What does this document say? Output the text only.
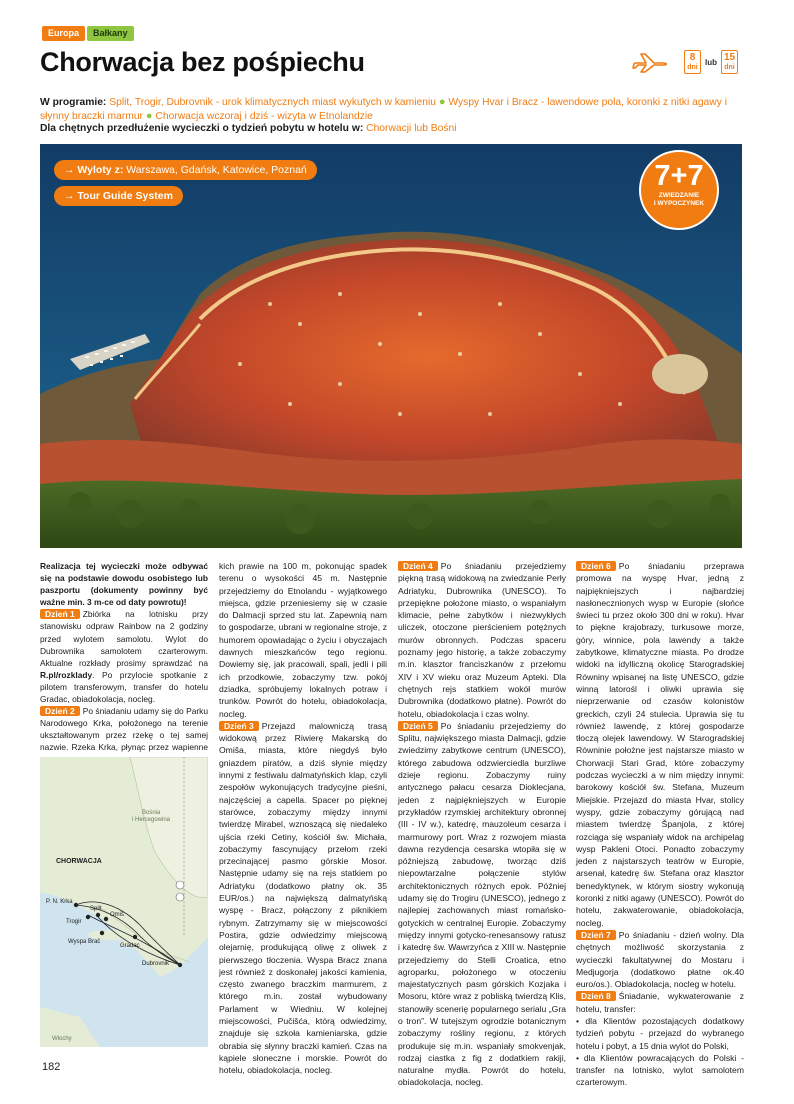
Europa	Bałkany
Chorwacja bez pośpiechu	8
dni
lub 15
dni
W programie: Split, Trogir, Dubrovnik - urok klimatycznych miast wykutych w kamieniu ● Wyspy Hvar i Bracz - lawendowe pola, koronki z nitki agawy i słynny braczki marmur ● Chorwacja wczoraj i dziś - wizyta w Etnolandzie
Dla chętnych przedłużenie wycieczki o tydzień pobytu w hotelu w: Chorwacji lub Bośni
→ Wyloty z: Warszawa, Gdańsk, Katowice, Poznań
→ Tour Guide System
7+7
ZWIEDZANIE
I WYPOCZYNEK

Realizacja tej wycieczki może odbywać się na podstawie dowodu osobistego lub paszportu (dokumenty powinny być ważne min. 3 m-ce od daty powrotu)!

Dzień 1 Zbiórka na lotnisku przy stanowisku odpraw Rainbow na 2 godziny przed wylotem samolotu. Wylot do Dubrownika samolotem czarterowym. Aktualne rozkłady prosimy sprawdzać na R.pl/rozklady. Po przylocie spotkanie z pilotem transferowym, transfer do hotelu Gradac, obiadokolacja, nocleg.

Dzień 2 Po śniadaniu udamy się do Parku Narodowego Krka, położonego na terenie ukształtowanym przez rzekę o tej samej nazwie. Rzeka Krka, płynąc przez wapienne

Bośnia
i Hercegowina
CHORWACJA
P. N. Krka
Trogir
Split
Omiš
Wyspa Brač
Gradac
Dubrovnik
Włochy

kich prawie na 100 m, pokonując spadek terenu o wysokości 45 m. Następnie przejedziemy do Etnolandu - wyjątkowego miejsca, gdzie przeniesiemy się w czasie do Dalmacji sprzed stu lat. Zapewnią nam to gospodarze, ubrani w regionalne stroje, z humorem opowiadając o życiu i obyczajach dawnych mieszkańców tego regionu. Dowiemy się, jak pracowali, spali, jedli i pili ich przodkowie, zobaczymy tzw. pokój dziadka, spróbujemy lokalnych potraw i trunków. Powrót do hotelu, obiadokolacja, nocleg.

Dzień 3 Przejazd malowniczą trasą widokową przez Riwierę Makarską do Omiša, miasta, które niegdyś było gniazdem piratów, a dziś słynie między innymi z festiwalu dalmatyńskich klap, czyli zespołów wykonujących tradycyjne pieśni, najczęściej a capella. Spacer po pięknej starówce, zobaczymy między innymi twierdzę Mirabel, wznoszącą się niedaleko ujścia rzeki Cetiny, kościół św. Michała, zobaczymy fascynujący przełom rzeki przecinającej pasmo górskie Mosor. Następnie udamy się na rejs statkiem po Adriatyku (dodatkowo płatny ok. 35 EUR/os.) na największą dalmatyńską wyspę - Bracz, połączony z piknikiem rybnym. Zatrzymamy się w miejscowości Postira, gdzie odwiedzimy miejscową olejarnię, produkującą oliwę z oliwek z pierwszego tłoczenia. Wyspa Bracz znana jest również z doskonałej jakości kamienia, często zwanego braczkim marmurem, z którego m.in. został wybudowany Parlament w Wiedniu. W kolejnej miejscowości, Pučišća, którą odwiedzimy, znajduje się szkoła kamieniarska, gdzie obrabia się słynny braczki kamień. Czas na kąpiele słoneczne i morskie. Powrót do hotelu, obiadokolacja, nocleg.

Dzień 4 Po śniadaniu przejedziemy piękną trasą widokową na zwiedzanie Perły Adriatyku, Dubrownika (UNESCO). To przepiękne położone miasto, o wspaniałym klimacie, pełne zabytków i niezwykłych uliczek, otoczone pierścieniem potężnych murów obronnych. Podczas spaceru poznamy jego historię, a także zobaczymy m.in. klasztor franciszkanów z przełomu XIV i XV wieku oraz Muzeum Apteki. Dla chętnych rejs statkiem wokół murów Dubrownika (dodatkowo płatne). Powrót do hotelu, obiadokolacja i czas wolny.

Dzień 5 Po śniadaniu przejedziemy do Splitu, największego miasta Dalmacji, gdzie zwiedzimy zabytkowe centrum (UNESCO), którego zabudowa odzwierciedla burzliwe dzieje regionu. Zobaczymy ruiny antycznego pałacu cesarza Dioklecjana, jeden z najpiękniejszych w Europie przykładów rzymskiej architektury obronnej (III - IV w.), katedrę, mauzoleum cesarza i marmurowy port. Wraz z rozwojem miasta dawna rezydencja cesarska wtopiła się w późniejszą zabudowę, tworząc dziś niepowtarzalne połączenie stylów architektonicznych różnych epok. Później udamy się do Trogiru (UNESCO), jednego z najlepiej zachowanych miast romańsko-gotyckich w centralnej Europie. Zobaczymy między innymi gotycko-renesansowy ratusz i katedrę św. Wawrzyńca z XIII w. Następnie przejedziemy do Stelli Croatica, etno agroparku, położonego w otoczeniu majestatycznych pasm górskich Kozjaka i Mosoru, które wraz z pobliską twierdzą Klis, stanowiły scenerię popularnego serialu „Gra o tron”. W tutejszym ogrodzie botanicznym zobaczymy rośliny regionu, z których produkuje się m.in. wspaniały smokvenjak, rodzaj ciastka z fig z dodatkiem rakiji, naturalne mydła. Powrót do hotelu, obiadokolacja, nocleg.

Dzień 6 Po śniadaniu przeprawa promowa na wyspę Hvar, jedną z najpiękniejszych i najbardziej nasłonecznionych wysp w Europie (słońce świeci tu przez około 300 dni w roku). Hvar to piękne krajobrazy, turkusowe morze, góry, winnice, pola lawendy a także zabytkowe, klimatyczne miasta. Po drodze widoki na idylliczną okolicę Starogradskiej Równiny wpisanej na listę UNESCO, gdzie winną latorośl i oliwki uprawia się nieprzerwanie od czasów kolonistów greckich, czyli 24 stulecia. Uprawia się tu również lawendę, z której gospodarze tłoczą olejek lawendowy. W Starogradskiej Równinie położne jest najstarsze miasto w Chorwacji Stari Grad, które zobaczymy podczas wycieczki a w nim między innymi: barokowy kościół św. Stefana, Muzeum Miejskie. Przejazd do miasta Hvar, stolicy wyspy, gdzie zobaczymy górującą nad miastem twierdzę Španjola, z której rozciąga się wspaniały widok na archipelag wysp Pakleni Otoci. Ponadto zobaczymy jeden z najstarszych teatrów w Europie, arsenał, katedrę św. Stefana oraz klasztor benedyktynek, w którym siostry wykonują koronki z nitki agawy (UNESCO). Powrót do hotelu, zakwaterowanie, obiadokolacja, nocleg.

Dzień 7 Po śniadaniu - dzień wolny. Dla chętnych możliwość skorzystania z wycieczki fakultatywnej do Mostaru i Medjugorja (dodatkowo płatne ok.40 euro/os.). Obiadokolacja, nocleg w hotelu.

Dzień 8 Śniadanie, wykwaterowanie z hotelu, transfer:

• dla Klientów pozostających dodatkowy tydzień pobytu - przejazd do wybranego hotelu i pobyt, a 15 dnia wylot do Polski,

• dla Klientów powracających do Polski - transfer na lotnisko, wylot samolotem czarterowym.

182
